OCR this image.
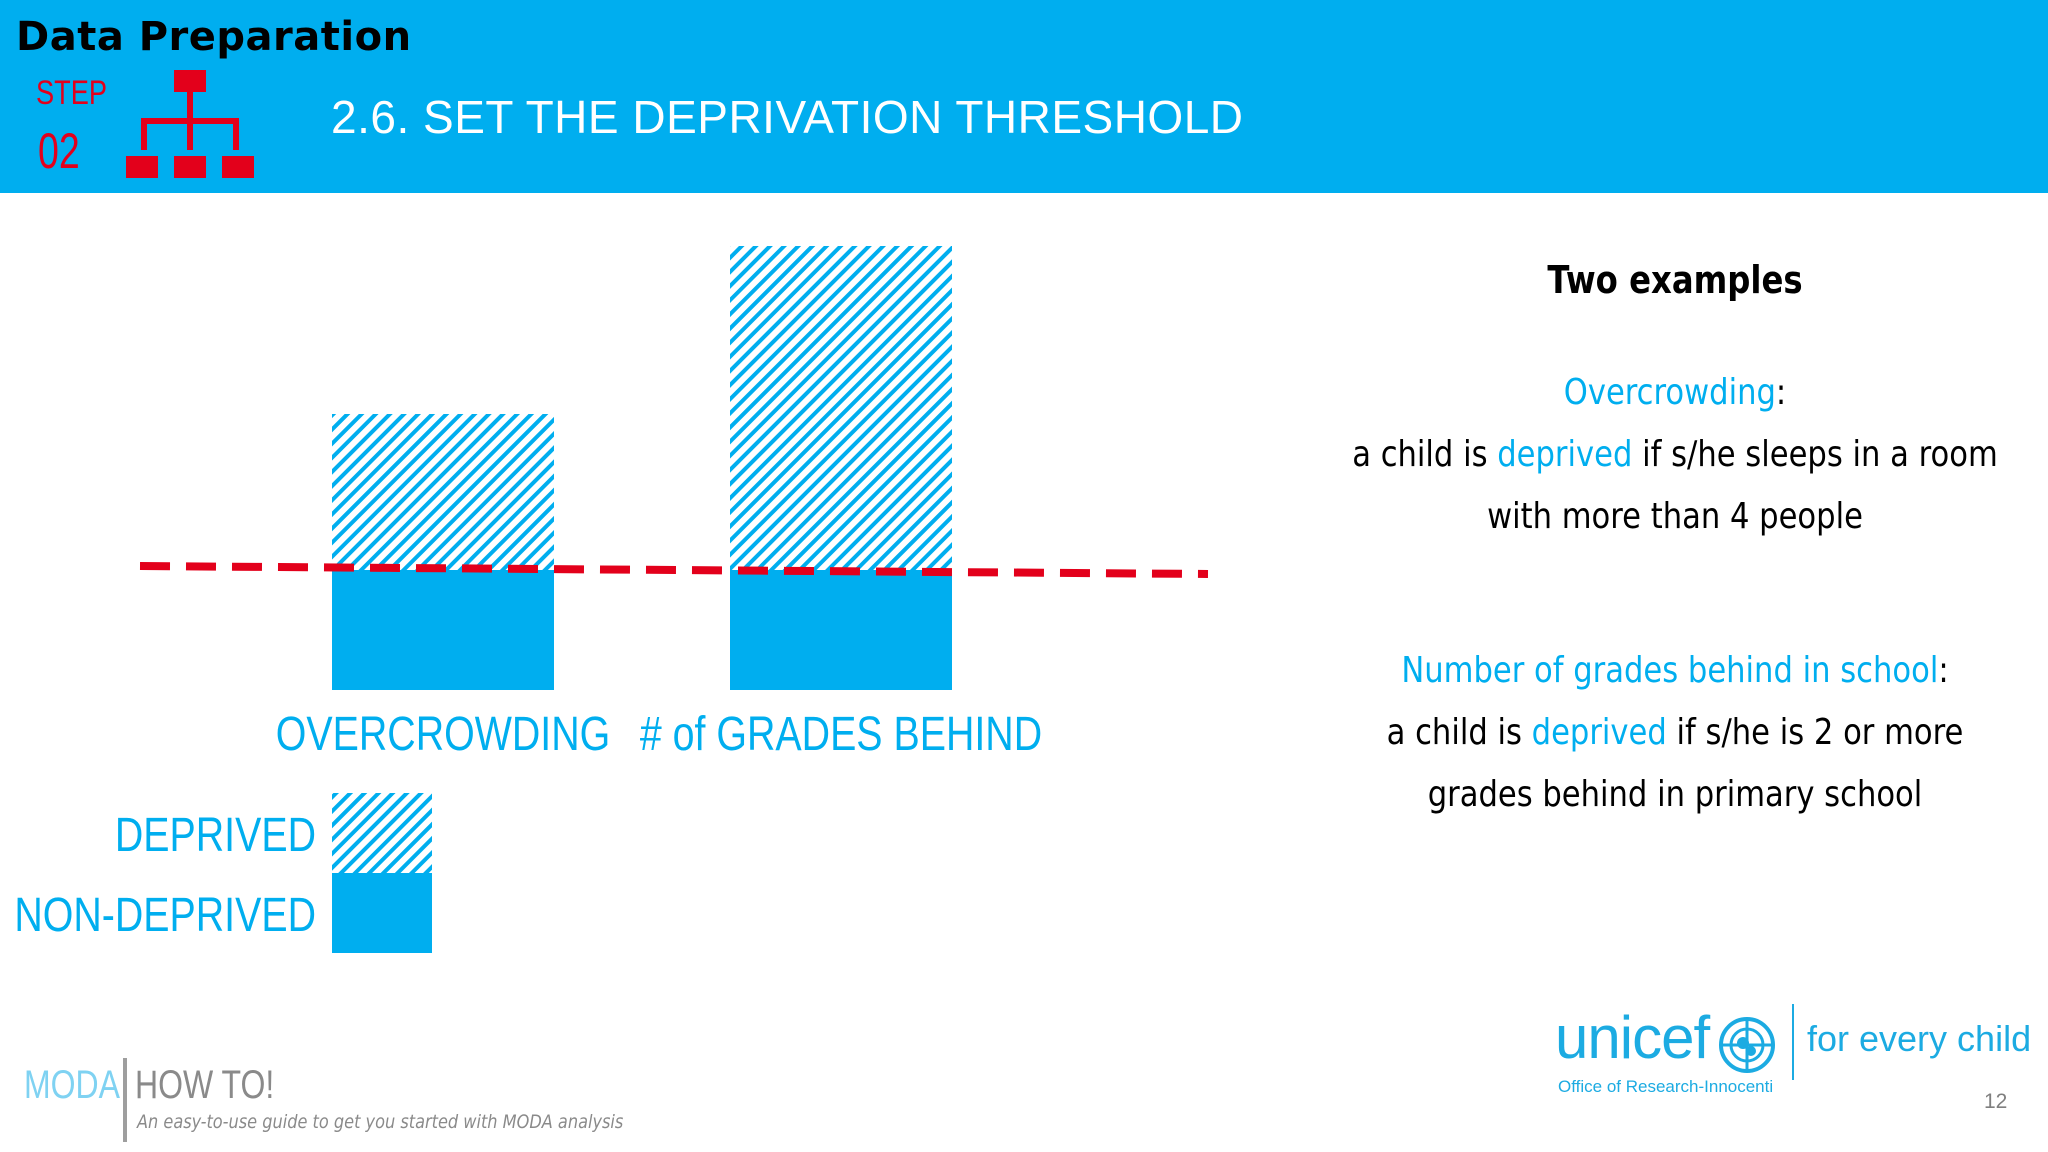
Data Preparation
STEP
02
2.6. SET THE DEPRIVATION THRESHOLD
OVERCROWDING # of GRADES BEHIND
DEPRIVED
NON-DEPRIVED
Two examples
Overcrowding:
a child is deprived if s/he sleeps in a room
with more than 4 people
Number of grades behind in school:
a child is deprived if s/he is 2 or more
grades behind in primary school
MODA HOW TO!
An easy-to-use guide to get you started with MODA analysis
unicef	for every child
Office of Research-Innocenti
12
